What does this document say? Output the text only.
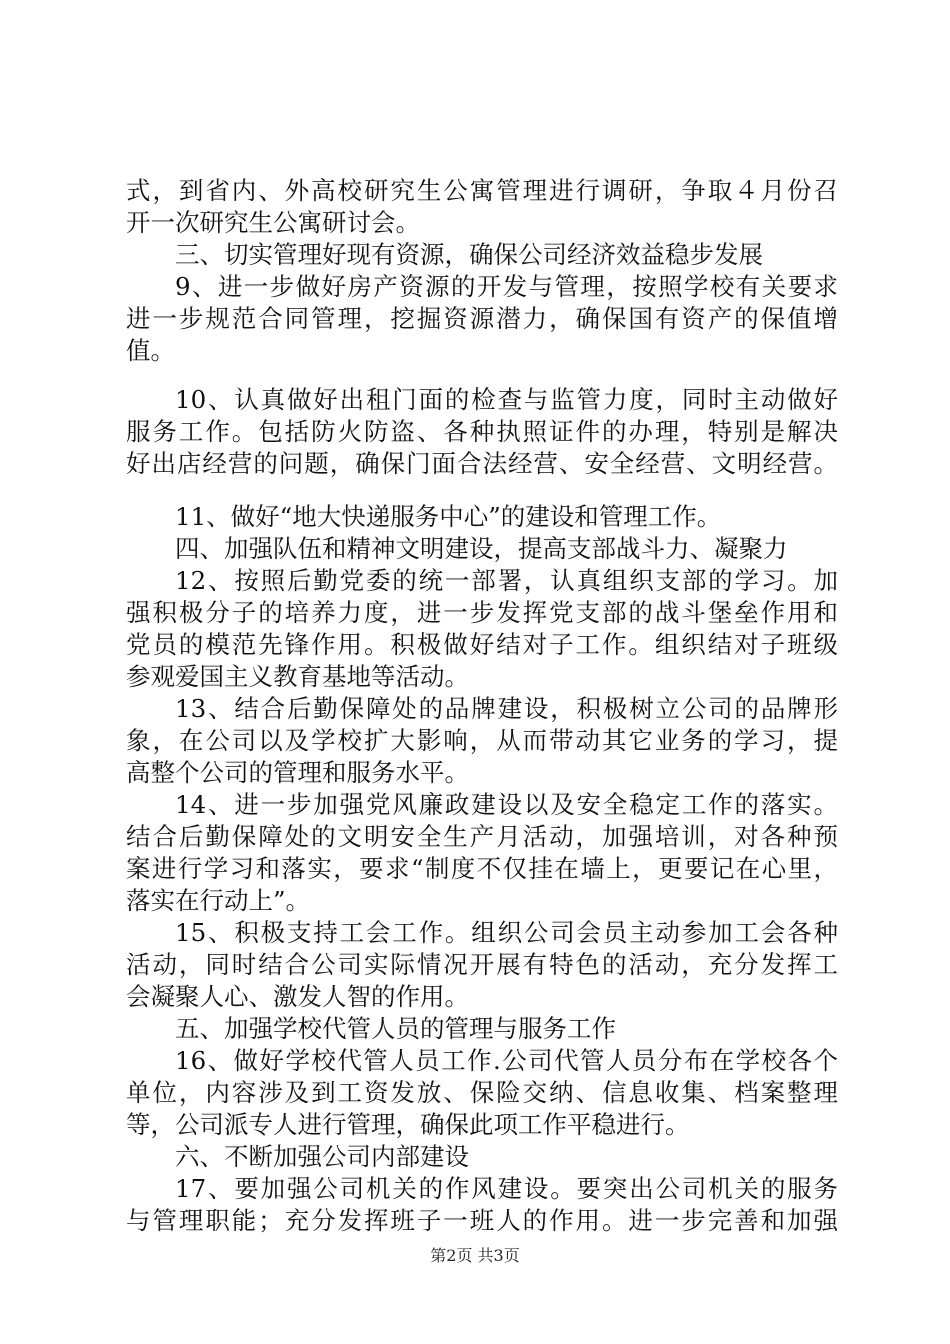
式，到省内、外高校研究生公寓管理进行调研，争取４月份召
开一次研究生公寓研讨会。
三、切实管理好现有资源，确保公司经济效益稳步发展
9、进一步做好房产资源的开发与管理，按照学校有关要求
进一步规范合同管理，挖掘资源潜力，确保国有资产的保值增
值。
10、认真做好出租门面的检查与监管力度，同时主动做好
服务工作。包括防火防盗、各种执照证件的办理，特别是解决
好出店经营的问题，确保门面合法经营、安全经营、文明经营。
11、做好“地大快递服务中心”的建设和管理工作。
四、加强队伍和精神文明建设，提高支部战斗力、凝聚力
12、按照后勤党委的统一部署，认真组织支部的学习。加
强积极分子的培养力度，进一步发挥党支部的战斗堡垒作用和
党员的模范先锋作用。积极做好结对子工作。组织结对子班级
参观爱国主义教育基地等活动。
13、结合后勤保障处的品牌建设，积极树立公司的品牌形
象，在公司以及学校扩大影响，从而带动其它业务的学习，提
高整个公司的管理和服务水平。
14、进一步加强党风廉政建设以及安全稳定工作的落实。
结合后勤保障处的文明安全生产月活动，加强培训，对各种预
案进行学习和落实，要求“制度不仅挂在墙上，更要记在心里，
落实在行动上”。
15、积极支持工会工作。组织公司会员主动参加工会各种
活动，同时结合公司实际情况开展有特色的活动，充分发挥工
会凝聚人心、激发人智的作用。
五、加强学校代管人员的管理与服务工作
16、做好学校代管人员工作.公司代管人员分布在学校各个
单位，内容涉及到工资发放、保险交纳、信息收集、档案整理
等，公司派专人进行管理，确保此项工作平稳进行。
六、不断加强公司内部建设
17、要加强公司机关的作风建设。要突出公司机关的服务
与管理职能；充分发挥班子一班人的作用。进一步完善和加强
第2页 共3页
